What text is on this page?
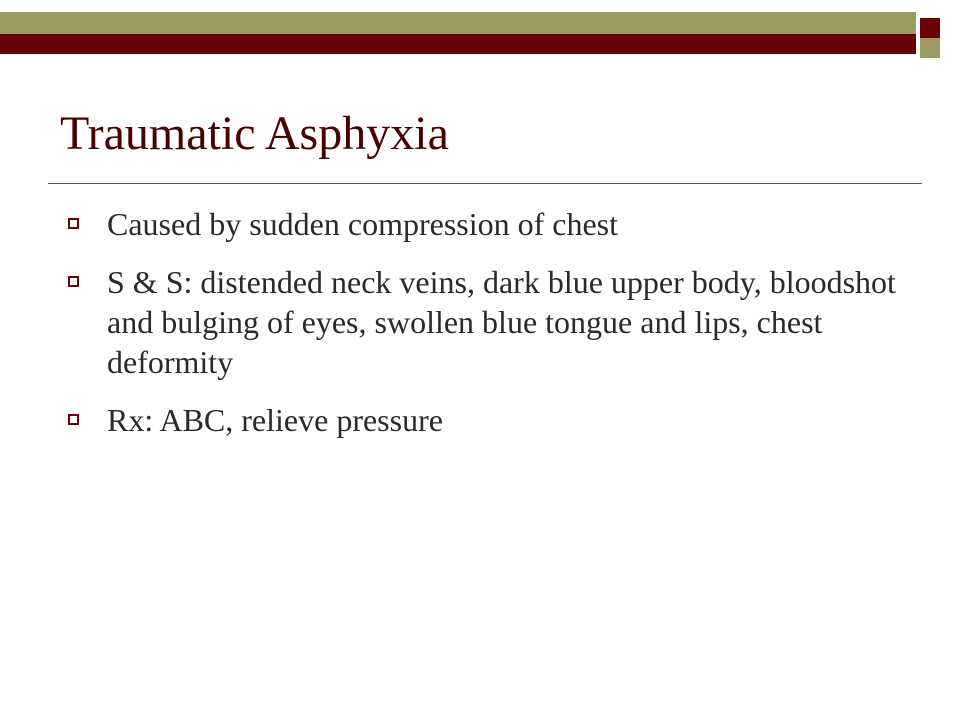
Traumatic Asphyxia
Caused by sudden compression of chest
S & S: distended neck veins, dark blue upper body, bloodshot and bulging of eyes, swollen blue tongue and lips, chest deformity
Rx: ABC, relieve pressure
